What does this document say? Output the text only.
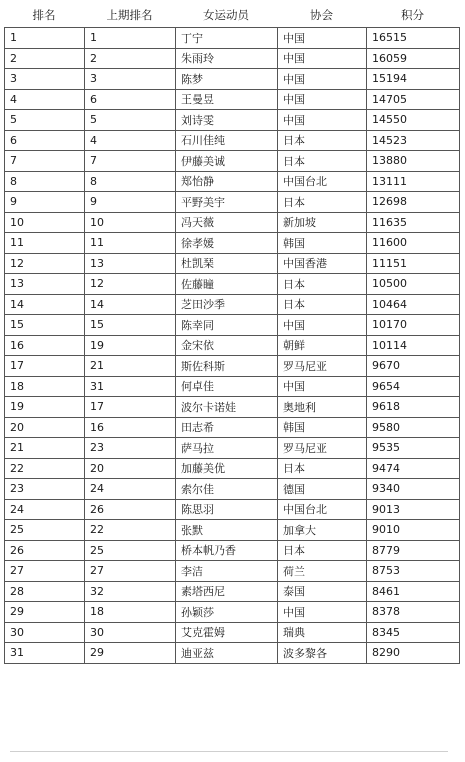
排名	上期排名	女运动员	协会	积分
1	1	丁宁	中国	16515
2	2	朱雨玲	中国	16059
3	3	陈梦	中国	15194
4	6	王曼昱	中国	14705
5	5	刘诗雯	中国	14550
6	4	石川佳纯	日本	14523
7	7	伊藤美诚	日本	13880
8	8	郑怡静	中国台北	13111
9	9	平野美宇	日本	12698
10	10	冯天薇	新加坡	11635
11	11	徐孝媛	韩国	11600
12	13	杜凯琹	中国香港	11151
13	12	佐藤瞳	日本	10500
14	14	芝田沙季	日本	10464
15	15	陈幸同	中国	10170
16	19	金宋依	朝鲜	10114
17	21	斯佐科斯	罗马尼亚	9670
18	31	何卓佳	中国	9654
19	17	波尔卡诺娃	奥地利	9618
20	16	田志希	韩国	9580
21	23	萨马拉	罗马尼亚	9535
22	20	加藤美优	日本	9474
23	24	索尔佳	德国	9340
24	26	陈思羽	中国台北	9013
25	22	张默	加拿大	9010
26	25	桥本帆乃香	日本	8779
27	27	李洁	荷兰	8753
28	32	素塔西尼	泰国	8461
29	18	孙颖莎	中国	8378
30	30	艾克霍姆	瑞典	8345
31	29	迪亚兹	波多黎各	8290
